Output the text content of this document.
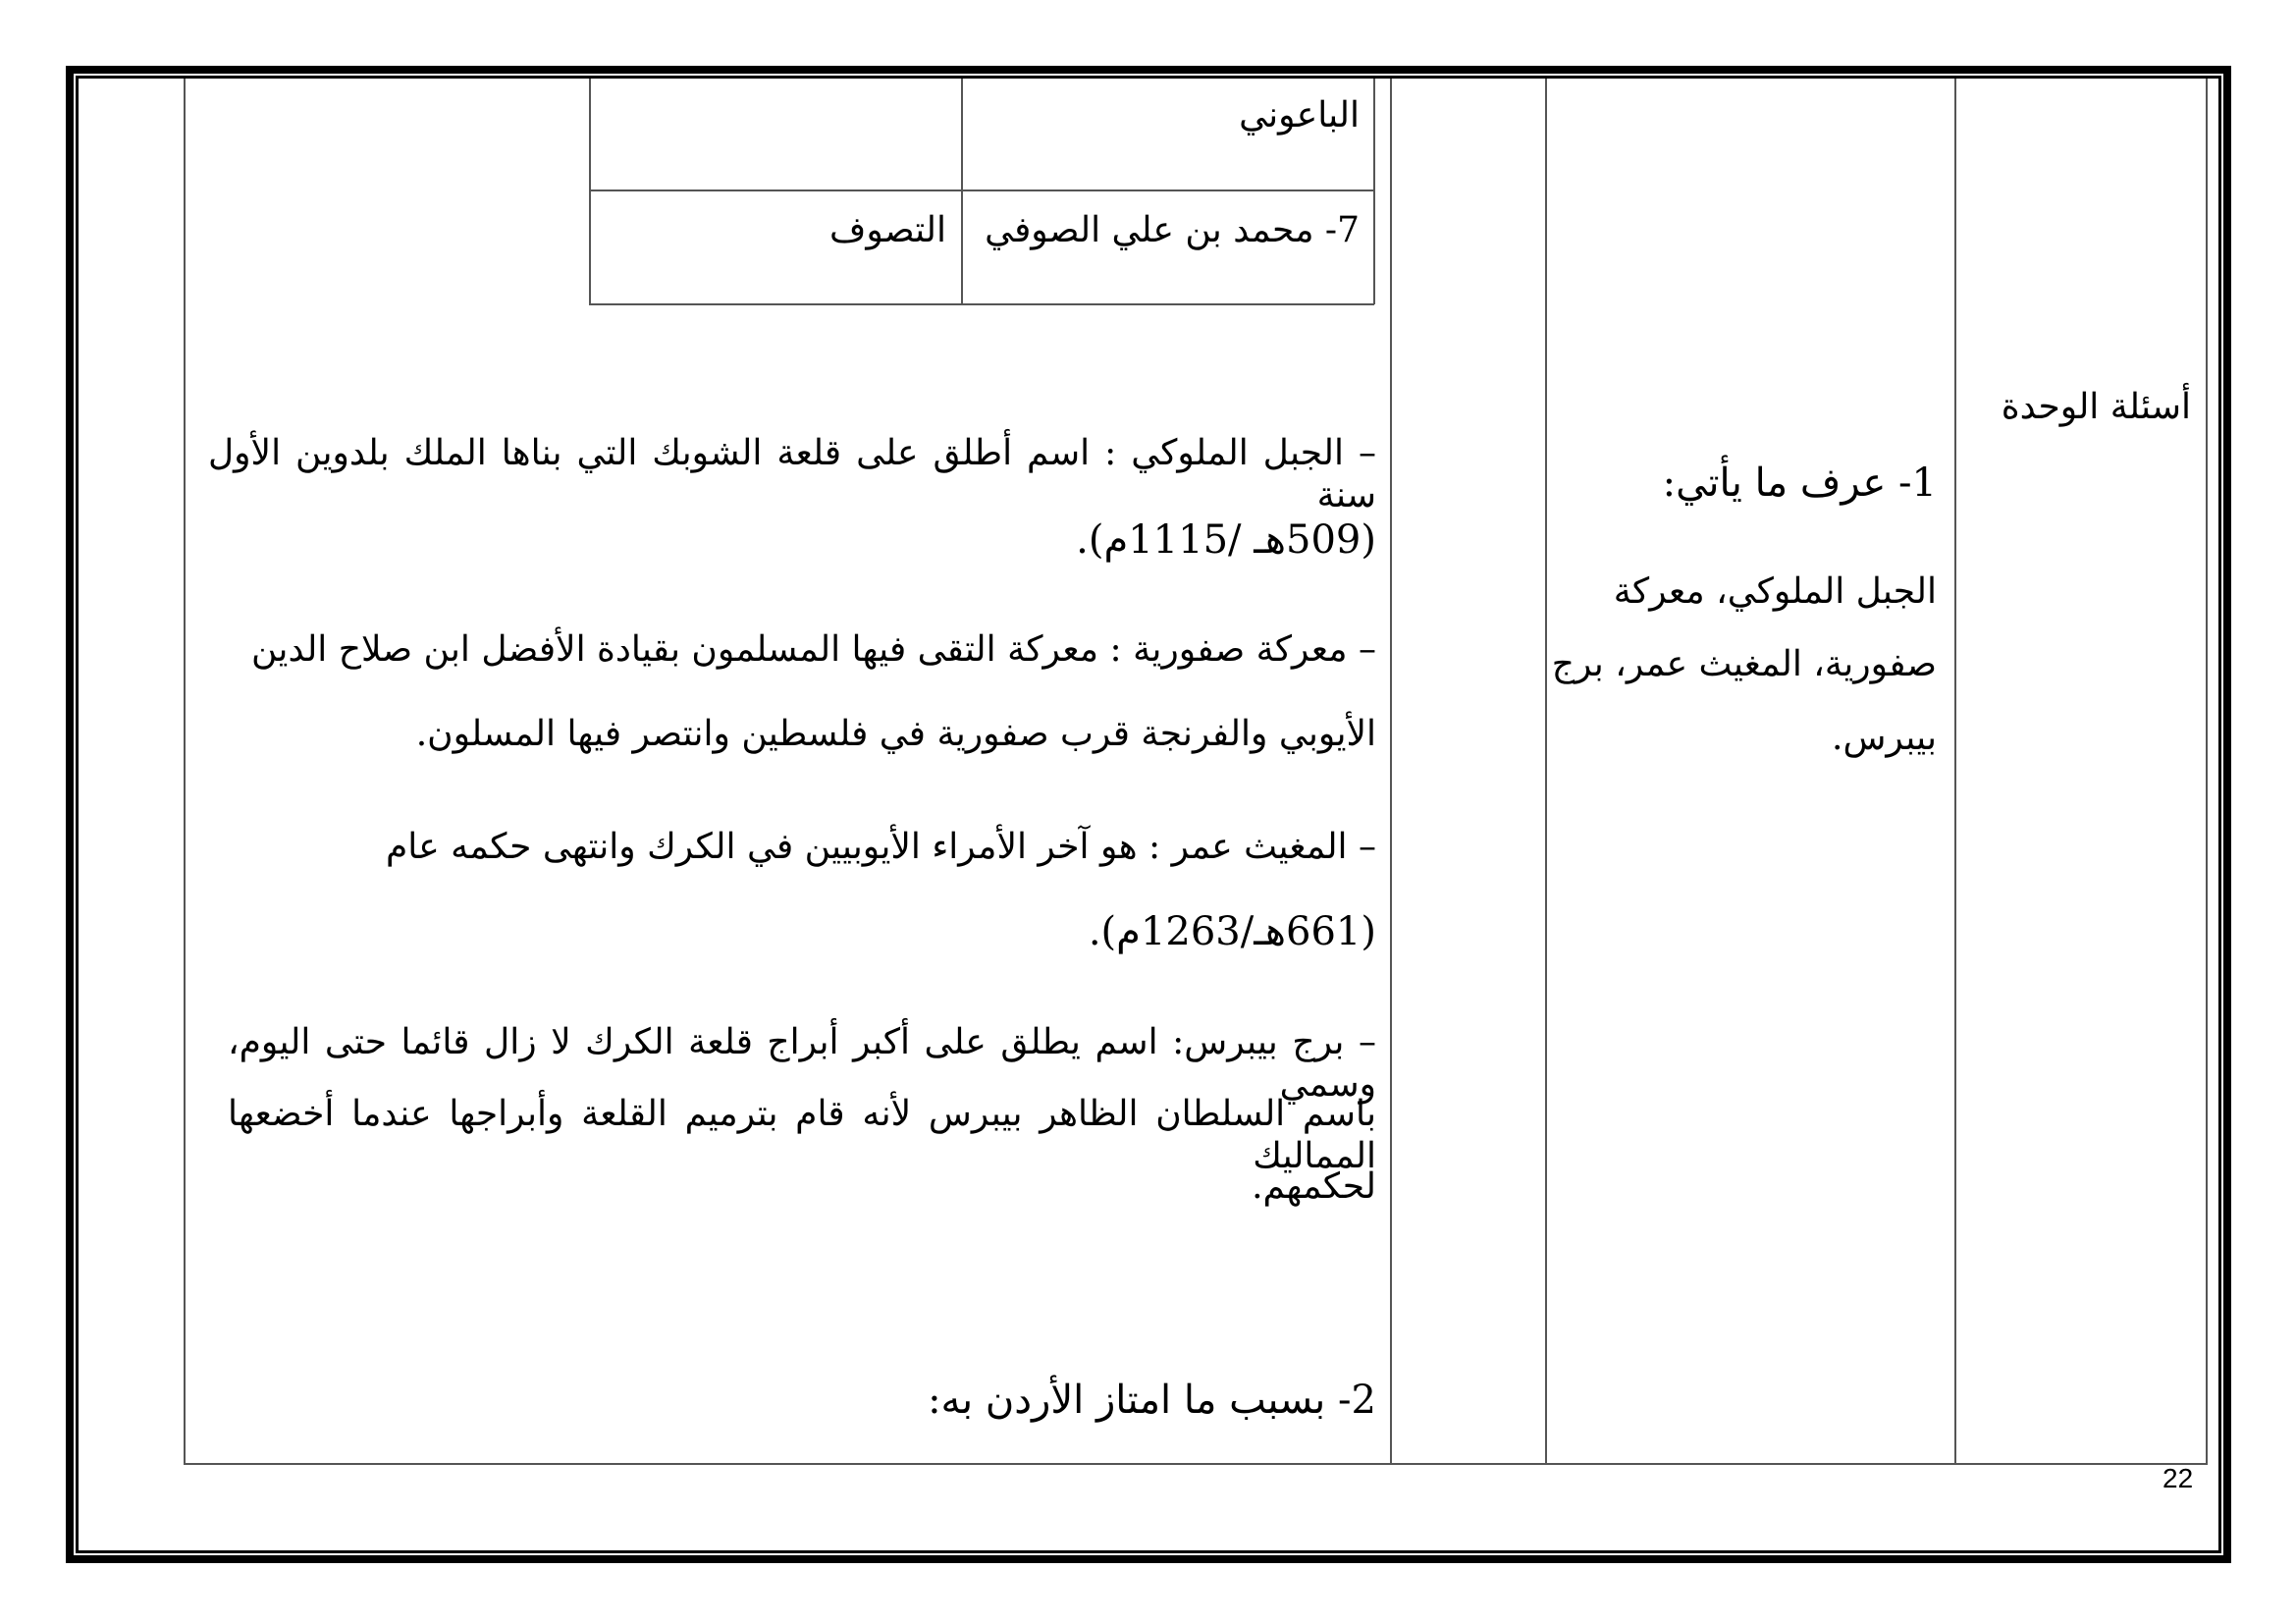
الباعوني
7- محمد بن علي الصوفي
التصوف
أسئلة الوحدة
1- عرف ما يأتي:
الجبل الملوكي، معركة
صفورية، المغيث عمر، برج
بيبرس.
– الجبل الملوكي : اسم أطلق على قلعة الشوبك التي بناها الملك بلدوين الأول سنة
(509هـ /1115م).
– معركة صفورية : معركة التقى فيها المسلمون بقيادة الأفضل ابن صلاح الدين
الأيوبي والفرنجة قرب صفورية في فلسطين وانتصر فيها المسلون.
– المغيث عمر : هو آخر الأمراء الأيوبيين في الكرك وانتهى حكمه عام
(661هـ/1263م).
– برج بيبرس: اسم يطلق على أكبر أبراج قلعة الكرك لا زال قائما حتى اليوم، وسمي
باسم السلطان الظاهر بيبرس لأنه قام بترميم القلعة وأبراجها عندما أخضعها المماليك
لحكمهم.
2- بسبب ما امتاز الأردن به:
22
